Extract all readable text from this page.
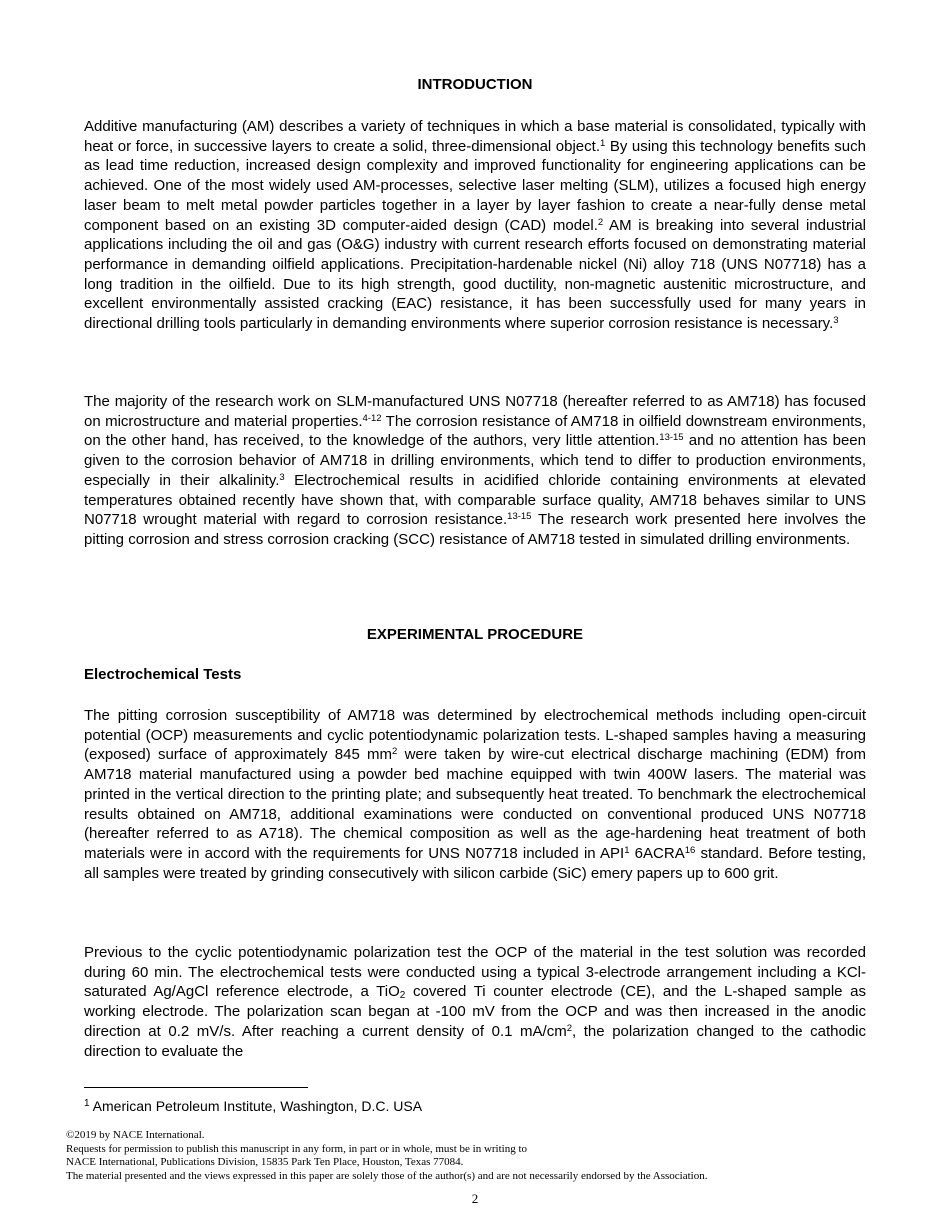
INTRODUCTION

Additive manufacturing (AM) describes a variety of techniques in which a base material is consolidated, typically with heat or force, in successive layers to create a solid, three-dimensional object.$^1$ By using this technology benefits such as lead time reduction, increased design complexity and improved functionality for engineering applications can be achieved. One of the most widely used AM-processes, selective laser melting (SLM), utilizes a focused high energy laser beam to melt metal powder particles together in a layer by layer fashion to create a near-fully dense metal component based on an existing 3D computer-aided design (CAD) model.$^2$ AM is breaking into several industrial applications including the oil and gas (O&G) industry with current research efforts focused on demonstrating material performance in demanding oilfield applications. Precipitation-hardenable nickel (Ni) alloy 718 (UNS N07718) has a long tradition in the oilfield. Due to its high strength, good ductility, non-magnetic austenitic microstructure, and excellent environmentally assisted cracking (EAC) resistance, it has been successfully used for many years in directional drilling tools particularly in demanding environments where superior corrosion resistance is necessary.$^3$

The majority of the research work on SLM-manufactured UNS N07718 (hereafter referred to as AM718) has focused on microstructure and material properties.$^{4-12}$ The corrosion resistance of AM718 in oilfield downstream environments, on the other hand, has received, to the knowledge of the authors, very little attention.$^{13-15}$ and no attention has been given to the corrosion behavior of AM718 in drilling environments, which tend to differ to production environments, especially in their alkalinity.$^3$ Electrochemical results in acidified chloride containing environments at elevated temperatures obtained recently have shown that, with comparable surface quality, AM718 behaves similar to UNS N07718 wrought material with regard to corrosion resistance.$^{13-15}$ The research work presented here involves the pitting corrosion and stress corrosion cracking (SCC) resistance of AM718 tested in simulated drilling environments.

EXPERIMENTAL PROCEDURE
Electrochemical Tests

The pitting corrosion susceptibility of AM718 was determined by electrochemical methods including open-circuit potential (OCP) measurements and cyclic potentiodynamic polarization tests. L-shaped samples having a measuring (exposed) surface of approximately 845 $mm^2$ were taken by wire-cut electrical discharge machining (EDM) from AM718 material manufactured using a powder bed machine equipped with twin 400W lasers. The material was printed in the vertical direction to the printing plate; and subsequently heat treated. To benchmark the electrochemical results obtained on AM718, additional examinations were conducted on conventional produced UNS N07718 (hereafter referred to as A718). The chemical composition as well as the age-hardening heat treatment of both materials were in accord with the requirements for UNS N07718 included in API$^1$ 6ACRA$^{16}$ standard. Before testing, all samples were treated by grinding consecutively with silicon carbide (SiC) emery papers up to 600 grit.

Previous to the cyclic potentiodynamic polarization test the OCP of the material in the test solution was recorded during 60 min. The electrochemical tests were conducted using a typical 3-electrode arrangement including a KCl-saturated Ag/AgCl reference electrode, a TiO$_2$ covered Ti counter electrode (CE), and the L-shaped sample as working electrode. The polarization scan began at -100 mV from the OCP and was then increased in the anodic direction at 0.2 mV/s. After reaching a current density of 0.1 $mA/cm^2$, the polarization changed to the cathodic direction to evaluate the

$^1$ American Petroleum Institute, Washington, D.C. USA
©2019 by NACE International.
Requests for permission to publish this manuscript in any form, in part or in whole, must be in writing to
NACE International, Publications Division, 15835 Park Ten Place, Houston, Texas 77084.
The material presented and the views expressed in this paper are solely those of the author(s) and are not necessarily endorsed by the Association.
2
